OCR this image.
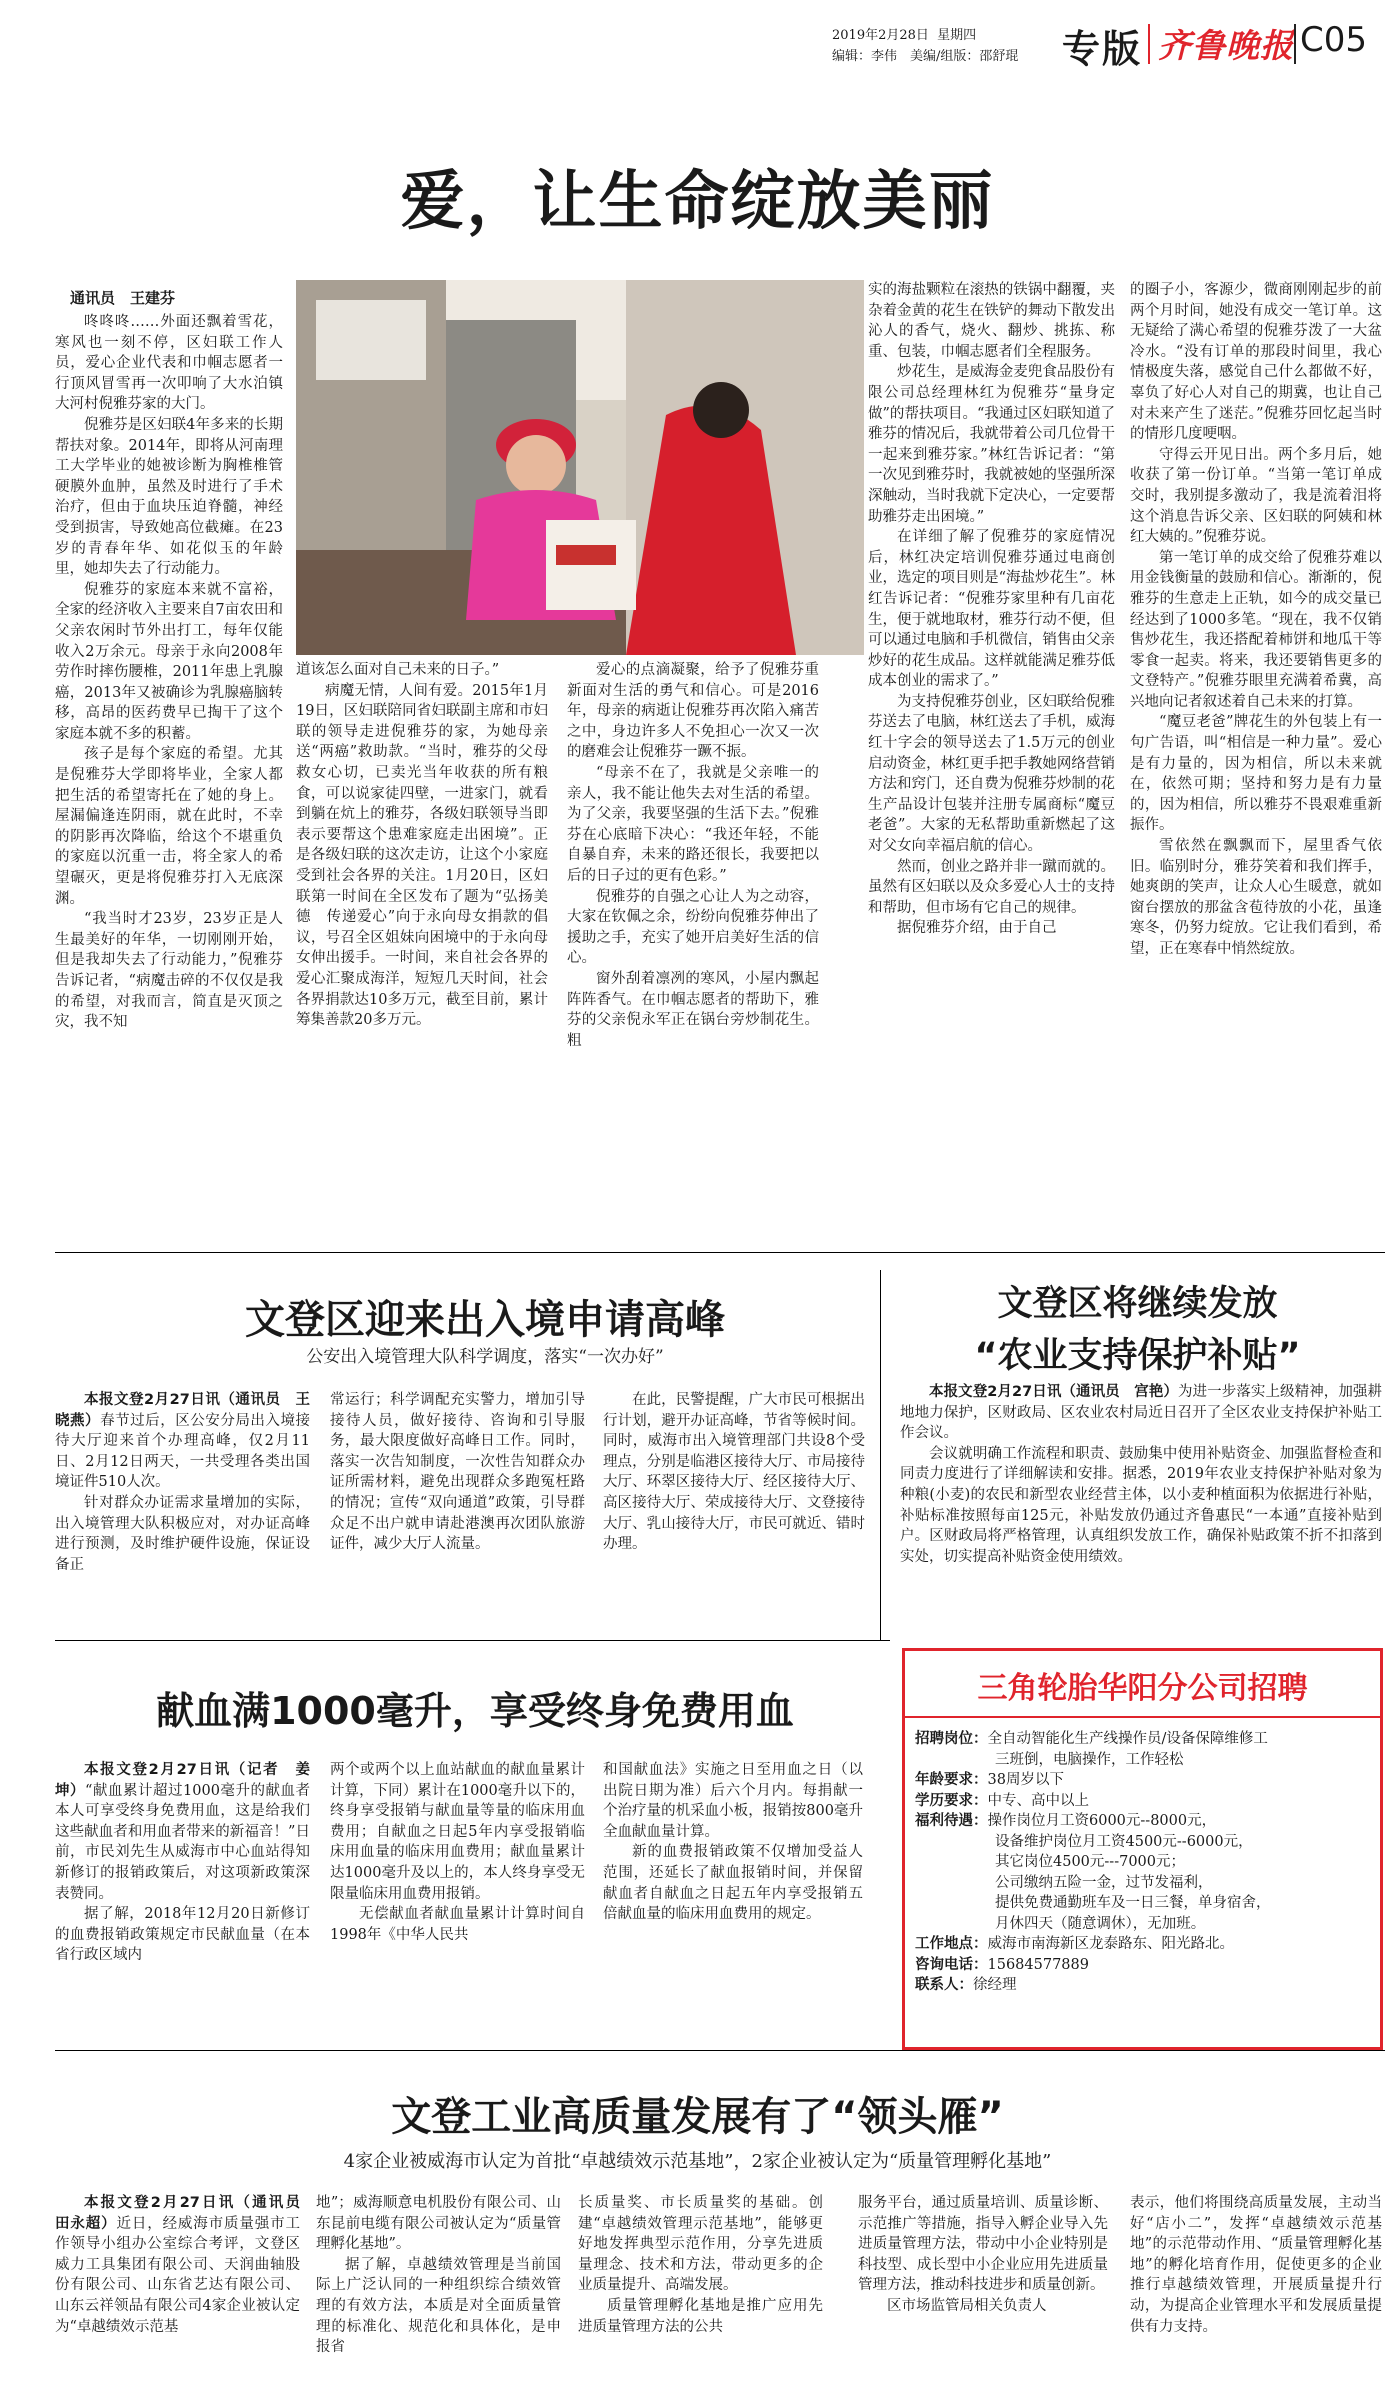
2019年2月28日 星期四
编辑：李伟　美编/组版：邵舒琨 专版 齐鲁晚报 C05
爱，让生命绽放美丽
通讯员　王建芬

咚咚咚……外面还飘着雪花，寒风也一刻不停，区妇联工作人员，爱心企业代表和巾帼志愿者一行顶风冒雪再一次叩响了大水泊镇大河村倪雅芬家的大门。

倪雅芬是区妇联4年多来的长期帮扶对象。2014年，即将从河南理工大学毕业的她被诊断为胸椎椎管硬膜外血肿，虽然及时进行了手术治疗，但由于血块压迫脊髓，神经受到损害，导致她高位截瘫。在23岁的青春年华、如花似玉的年龄里，她却失去了行动能力。

倪雅芬的家庭本来就不富裕，全家的经济收入主要来自7亩农田和父亲农闲时节外出打工，每年仅能收入2万余元。母亲于永向2008年劳作时摔伤腰椎，2011年患上乳腺癌，2013年又被确诊为乳腺癌脑转移，高昂的医药费早已掏干了这个家庭本就不多的积蓄。

孩子是每个家庭的希望。尤其是倪雅芬大学即将毕业，全家人都把生活的希望寄托在了她的身上。屋漏偏逢连阴雨，就在此时，不幸的阴影再次降临，给这个不堪重负的家庭以沉重一击，将全家人的希望碾灭，更是将倪雅芬打入无底深渊。

“我当时才23岁，23岁正是人生最美好的年华，一切刚刚开始，但是我却失去了行动能力，”倪雅芬告诉记者，“病魔击碎的不仅仅是我的希望，对我而言，简直是灭顶之灾，我不知

道该怎么面对自己未来的日子。”

病魔无情，人间有爱。2015年1月19日，区妇联陪同省妇联副主席和市妇联的领导走进倪雅芬的家，为她母亲送“两癌”救助款。“当时，雅芬的父母救女心切，已卖光当年收获的所有粮食，可以说家徒四壁，一进家门，就看到躺在炕上的雅芬，各级妇联领导当即表示要帮这个患难家庭走出困境”。正是各级妇联的这次走访，让这个小家庭受到社会各界的关注。1月20日，区妇联第一时间在全区发布了题为“弘扬美德　传递爱心”向于永向母女捐款的倡议，号召全区姐妹向困境中的于永向母女伸出援手。一时间，来自社会各界的爱心汇聚成海洋，短短几天时间，社会各界捐款达10多万元，截至目前，累计筹集善款20多万元。

爱心的点滴凝聚，给予了倪雅芬重新面对生活的勇气和信心。可是2016年，母亲的病逝让倪雅芬再次陷入痛苦之中，身边许多人不免担心一次又一次的磨难会让倪雅芬一蹶不振。

“母亲不在了，我就是父亲唯一的亲人，我不能让他失去对生活的希望。为了父亲，我要坚强的生活下去。”倪雅芬在心底暗下决心：“我还年轻，不能自暴自弃，未来的路还很长，我要把以后的日子过的更有色彩。”

倪雅芬的自强之心让人为之动容，大家在钦佩之余，纷纷向倪雅芬伸出了援助之手，充实了她开启美好生活的信心。

窗外刮着凛冽的寒风，小屋内飘起阵阵香气。在巾帼志愿者的帮助下，雅芬的父亲倪永军正在锅台旁炒制花生。粗

实的海盐颗粒在滚热的铁锅中翻覆，夹杂着金黄的花生在铁铲的舞动下散发出沁人的香气，烧火、翻炒、挑拣、称重、包装，巾帼志愿者们全程服务。

炒花生，是威海金麦兜食品股份有限公司总经理林红为倪雅芬“量身定做”的帮扶项目。“我通过区妇联知道了雅芬的情况后，我就带着公司几位骨干一起来到雅芬家。”林红告诉记者：“第一次见到雅芬时，我就被她的坚强所深深触动，当时我就下定决心，一定要帮助雅芬走出困境。”

在详细了解了倪雅芬的家庭情况后，林红决定培训倪雅芬通过电商创业，选定的项目则是“海盐炒花生”。林红告诉记者：“倪雅芬家里种有几亩花生，便于就地取材，雅芬行动不便，但可以通过电脑和手机微信，销售由父亲炒好的花生成品。这样就能满足雅芬低成本创业的需求了。”

为支持倪雅芬创业，区妇联给倪雅芬送去了电脑，林红送去了手机，威海红十字会的领导送去了1.5万元的创业启动资金，林红更手把手教她网络营销方法和窍门，还自费为倪雅芬炒制的花生产品设计包装并注册专属商标“魔豆老爸”。大家的无私帮助重新燃起了这对父女向幸福启航的信心。

然而，创业之路并非一蹴而就的。虽然有区妇联以及众多爱心人士的支持和帮助，但市场有它自己的规律。

据倪雅芬介绍，由于自己

的圈子小，客源少，微商刚刚起步的前两个月时间，她没有成交一笔订单。这无疑给了满心希望的倪雅芬泼了一大盆冷水。“没有订单的那段时间里，我心情极度失落，感觉自己什么都做不好，辜负了好心人对自己的期冀，也让自己对未来产生了迷茫。”倪雅芬回忆起当时的情形几度哽咽。

守得云开见日出。两个多月后，她收获了第一份订单。“当第一笔订单成交时，我别提多激动了，我是流着泪将这个消息告诉父亲、区妇联的阿姨和林红大姨的。”倪雅芬说。

第一笔订单的成交给了倪雅芬难以用金钱衡量的鼓励和信心。渐渐的，倪雅芬的生意走上正轨，如今的成交量已经达到了1000多笔。“现在，我不仅销售炒花生，我还搭配着柿饼和地瓜干等零食一起卖。将来，我还要销售更多的文登特产。”倪雅芬眼里充满着希冀，高兴地向记者叙述着自己未来的打算。

“魔豆老爸”牌花生的外包装上有一句广告语，叫“相信是一种力量”。爱心是有力量的，因为相信，所以未来就在，依然可期；坚持和努力是有力量的，因为相信，所以雅芬不畏艰难重新振作。

雪依然在飘飘而下，屋里香气依旧。临别时分，雅芬笑着和我们挥手，她爽朗的笑声，让众人心生暖意，就如窗台摆放的那盆含苞待放的小花，虽逢寒冬，仍努力绽放。它让我们看到，希望，正在寒春中悄然绽放。

文登区迎来出入境申请高峰
公安出入境管理大队科学调度，落实“一次办好”

本报文登2月27日讯（通讯员　王晓燕）春节过后，区公安分局出入境接待大厅迎来首个办理高峰，仅2月11日、2月12日两天，一共受理各类出国境证件510人次。

针对群众办证需求量增加的实际，出入境管理大队积极应对，对办证高峰进行预测，及时维护硬件设施，保证设备正

常运行；科学调配充实警力，增加引导接待人员，做好接待、咨询和引导服务，最大限度做好高峰日工作。同时，落实一次告知制度，一次性告知群众办证所需材料，避免出现群众多跑冤枉路的情况；宣传“双向通道”政策，引导群众足不出户就申请赴港澳再次团队旅游证件，减少大厅人流量。

在此，民警提醒，广大市民可根据出行计划，避开办证高峰，节省等候时间。同时，威海市出入境管理部门共设8个受理点，分别是临港区接待大厅、市局接待大厅、环翠区接待大厅、经区接待大厅、高区接待大厅、荣成接待大厅、文登接待大厅、乳山接待大厅，市民可就近、错时办理。

文登区将继续发放
“农业支持保护补贴”

本报文登2月27日讯（通讯员　宫艳）为进一步落实上级精神，加强耕地地力保护，区财政局、区农业农村局近日召开了全区农业支持保护补贴工作会议。

会议就明确工作流程和职责、鼓励集中使用补贴资金、加强监督检查和同责力度进行了详细解读和安排。据悉，2019年农业支持保护补贴对象为种粮(小麦)的农民和新型农业经营主体，以小麦种植面积为依据进行补贴，补贴标准按照每亩125元，补贴发放仍通过齐鲁惠民“一本通”直接补贴到户。区财政局将严格管理，认真组织发放工作，确保补贴政策不折不扣落到实处，切实提高补贴资金使用绩效。

献血满1000毫升，享受终身免费用血

本报文登2月27日讯（记者　姜坤）“献血累计超过1000毫升的献血者本人可享受终身免费用血，这是给我们这些献血者和用血者带来的新福音！”日前，市民刘先生从威海市中心血站得知新修订的报销政策后，对这项新政策深表赞同。

据了解，2018年12月20日新修订的血费报销政策规定市民献血量（在本省行政区域内

两个或两个以上血站献血的献血量累计计算，下同）累计在1000毫升以下的，终身享受报销与献血量等量的临床用血费用；自献血之日起5年内享受报销临床用血量的临床用血费用；献血量累计达1000毫升及以上的，本人终身享受无限量临床用血费用报销。

无偿献血者献血量累计计算时间自1998年《中华人民共

和国献血法》实施之日至用血之日（以出院日期为准）后六个月内。每捐献一个治疗量的机采血小板，报销按800毫升全血献血量计算。

新的血费报销政策不仅增加受益人范围，还延长了献血报销时间，并保留献血者自献血之日起五年内享受报销五倍献血量的临床用血费用的规定。

三角轮胎华阳分公司招聘
招聘岗位： 全自动智能化生产线操作员/设备保障维修工
三班倒，电脑操作，工作轻松
年龄要求： 38周岁以下
学历要求： 中专、高中以上
福利待遇： 操作岗位月工资6000元--8000元，
设备维护岗位月工资4500元--6000元，
其它岗位4500元---7000元；
公司缴纳五险一金，过节发福利，
提供免费通勤班车及一日三餐，单身宿舍，
月休四天（随意调休），无加班。
工作地点： 威海市南海新区龙泰路东、阳光路北。
咨询电话： 15684577889
联系人： 徐经理
文登工业高质量发展有了“领头雁”
4家企业被威海市认定为首批“卓越绩效示范基地”，2家企业被认定为“质量管理孵化基地”

本报文登2月27日讯（通讯员　田永超）近日，经威海市质量强市工作领导小组办公室综合考评，文登区威力工具集团有限公司、天润曲轴股份有限公司、山东省艺达有限公司、山东云祥领品有限公司4家企业被认定为“卓越绩效示范基

地”；威海顺意电机股份有限公司、山东昆前电缆有限公司被认定为“质量管理孵化基地”。

据了解，卓越绩效管理是当前国际上广泛认同的一种组织综合绩效管理的有效方法，本质是对全面质量管理的标准化、规范化和具体化，是申报省

长质量奖、市长质量奖的基础。创建“卓越绩效管理示范基地”，能够更好地发挥典型示范作用，分享先进质量理念、技术和方法，带动更多的企业质量提升、高端发展。

质量管理孵化基地是推广应用先进质量管理方法的公共

服务平台，通过质量培训、质量诊断、示范推广等措施，指导入孵企业导入先进质量管理方法，带动中小企业特别是科技型、成长型中小企业应用先进质量管理方法，推动科技进步和质量创新。

区市场监管局相关负责人

表示，他们将围绕高质量发展，主动当好“店小二”，发挥“卓越绩效示范基地”的示范带动作用、“质量管理孵化基地”的孵化培育作用，促使更多的企业推行卓越绩效管理，开展质量提升行动，为提高企业管理水平和发展质量提供有力支持。
